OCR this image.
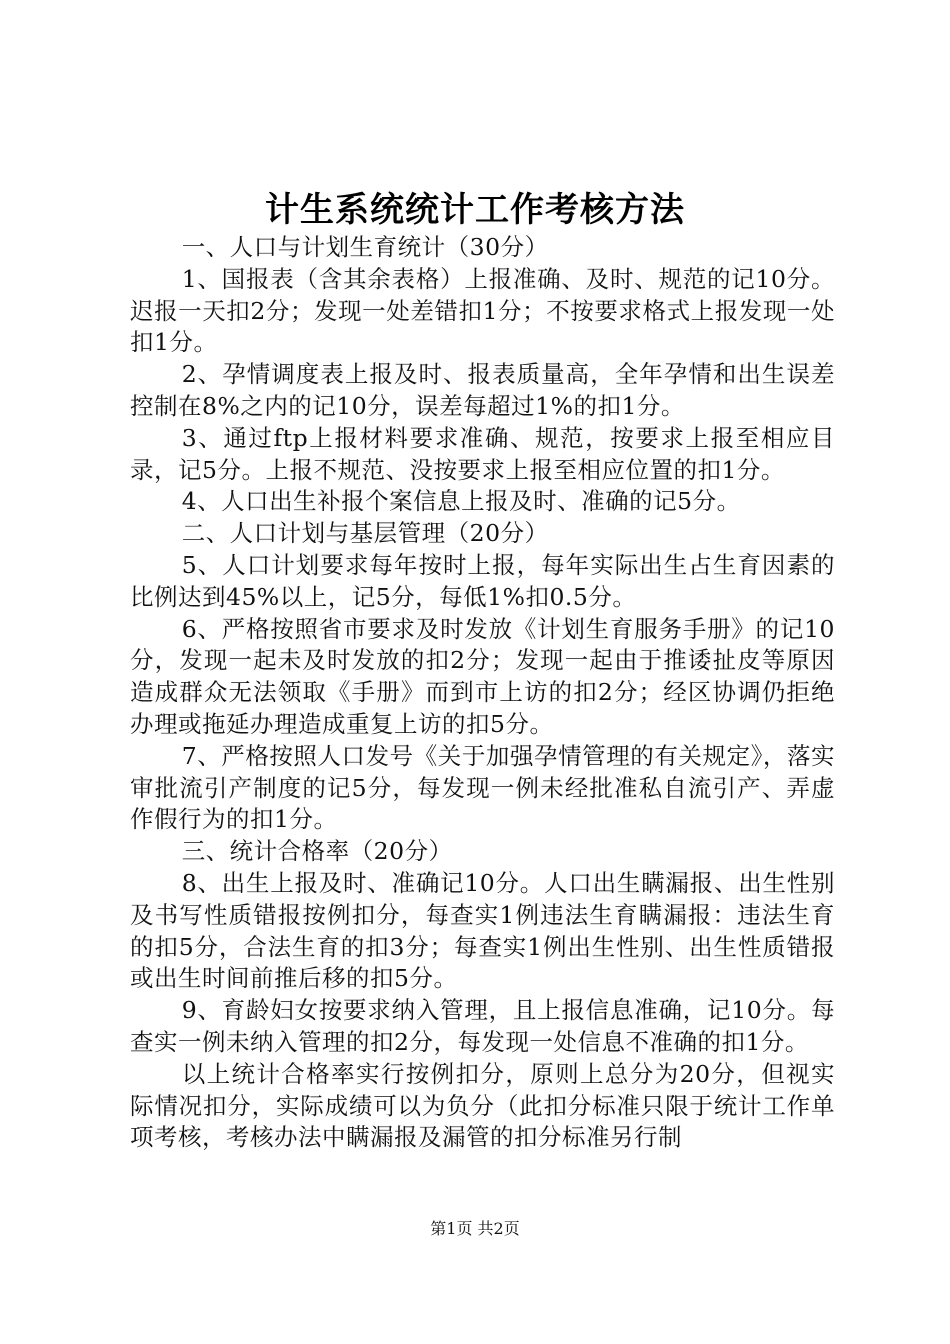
计生系统统计工作考核方法

一、人口与计划生育统计（30分）

1、国报表（含其余表格）上报准确、及时、规范的记10分。迟报一天扣2分；发现一处差错扣1分；不按要求格式上报发现一处扣1分。

2、孕情调度表上报及时、报表质量高，全年孕情和出生误差控制在8%之内的记10分，误差每超过1%的扣1分。

3、通过ftp上报材料要求准确、规范，按要求上报至相应目录，记5分。上报不规范、没按要求上报至相应位置的扣1分。

4、人口出生补报个案信息上报及时、准确的记5分。

二、人口计划与基层管理（20分）

5、人口计划要求每年按时上报，每年实际出生占生育因素的比例达到45%以上，记5分，每低1%扣0.5分。

6、严格按照省市要求及时发放《计划生育服务手册》的记10分，发现一起未及时发放的扣2分；发现一起由于推诿扯皮等原因造成群众无法领取《手册》而到市上访的扣2分；经区协调仍拒绝办理或拖延办理造成重复上访的扣5分。

7、严格按照人口发号《关于加强孕情管理的有关规定》，落实审批流引产制度的记5分，每发现一例未经批准私自流引产、弄虚作假行为的扣1分。

三、统计合格率（20分）

8、出生上报及时、准确记10分。人口出生瞒漏报、出生性别及书写性质错报按例扣分，每查实1例违法生育瞒漏报：违法生育的扣5分，合法生育的扣3分；每查实1例出生性别、出生性质错报或出生时间前推后移的扣5分。

9、育龄妇女按要求纳入管理，且上报信息准确，记10分。每查实一例未纳入管理的扣2分，每发现一处信息不准确的扣1分。

以上统计合格率实行按例扣分，原则上总分为20分，但视实际情况扣分，实际成绩可以为负分（此扣分标准只限于统计工作单项考核，考核办法中瞒漏报及漏管的扣分标准另行制

第1页 共2页
